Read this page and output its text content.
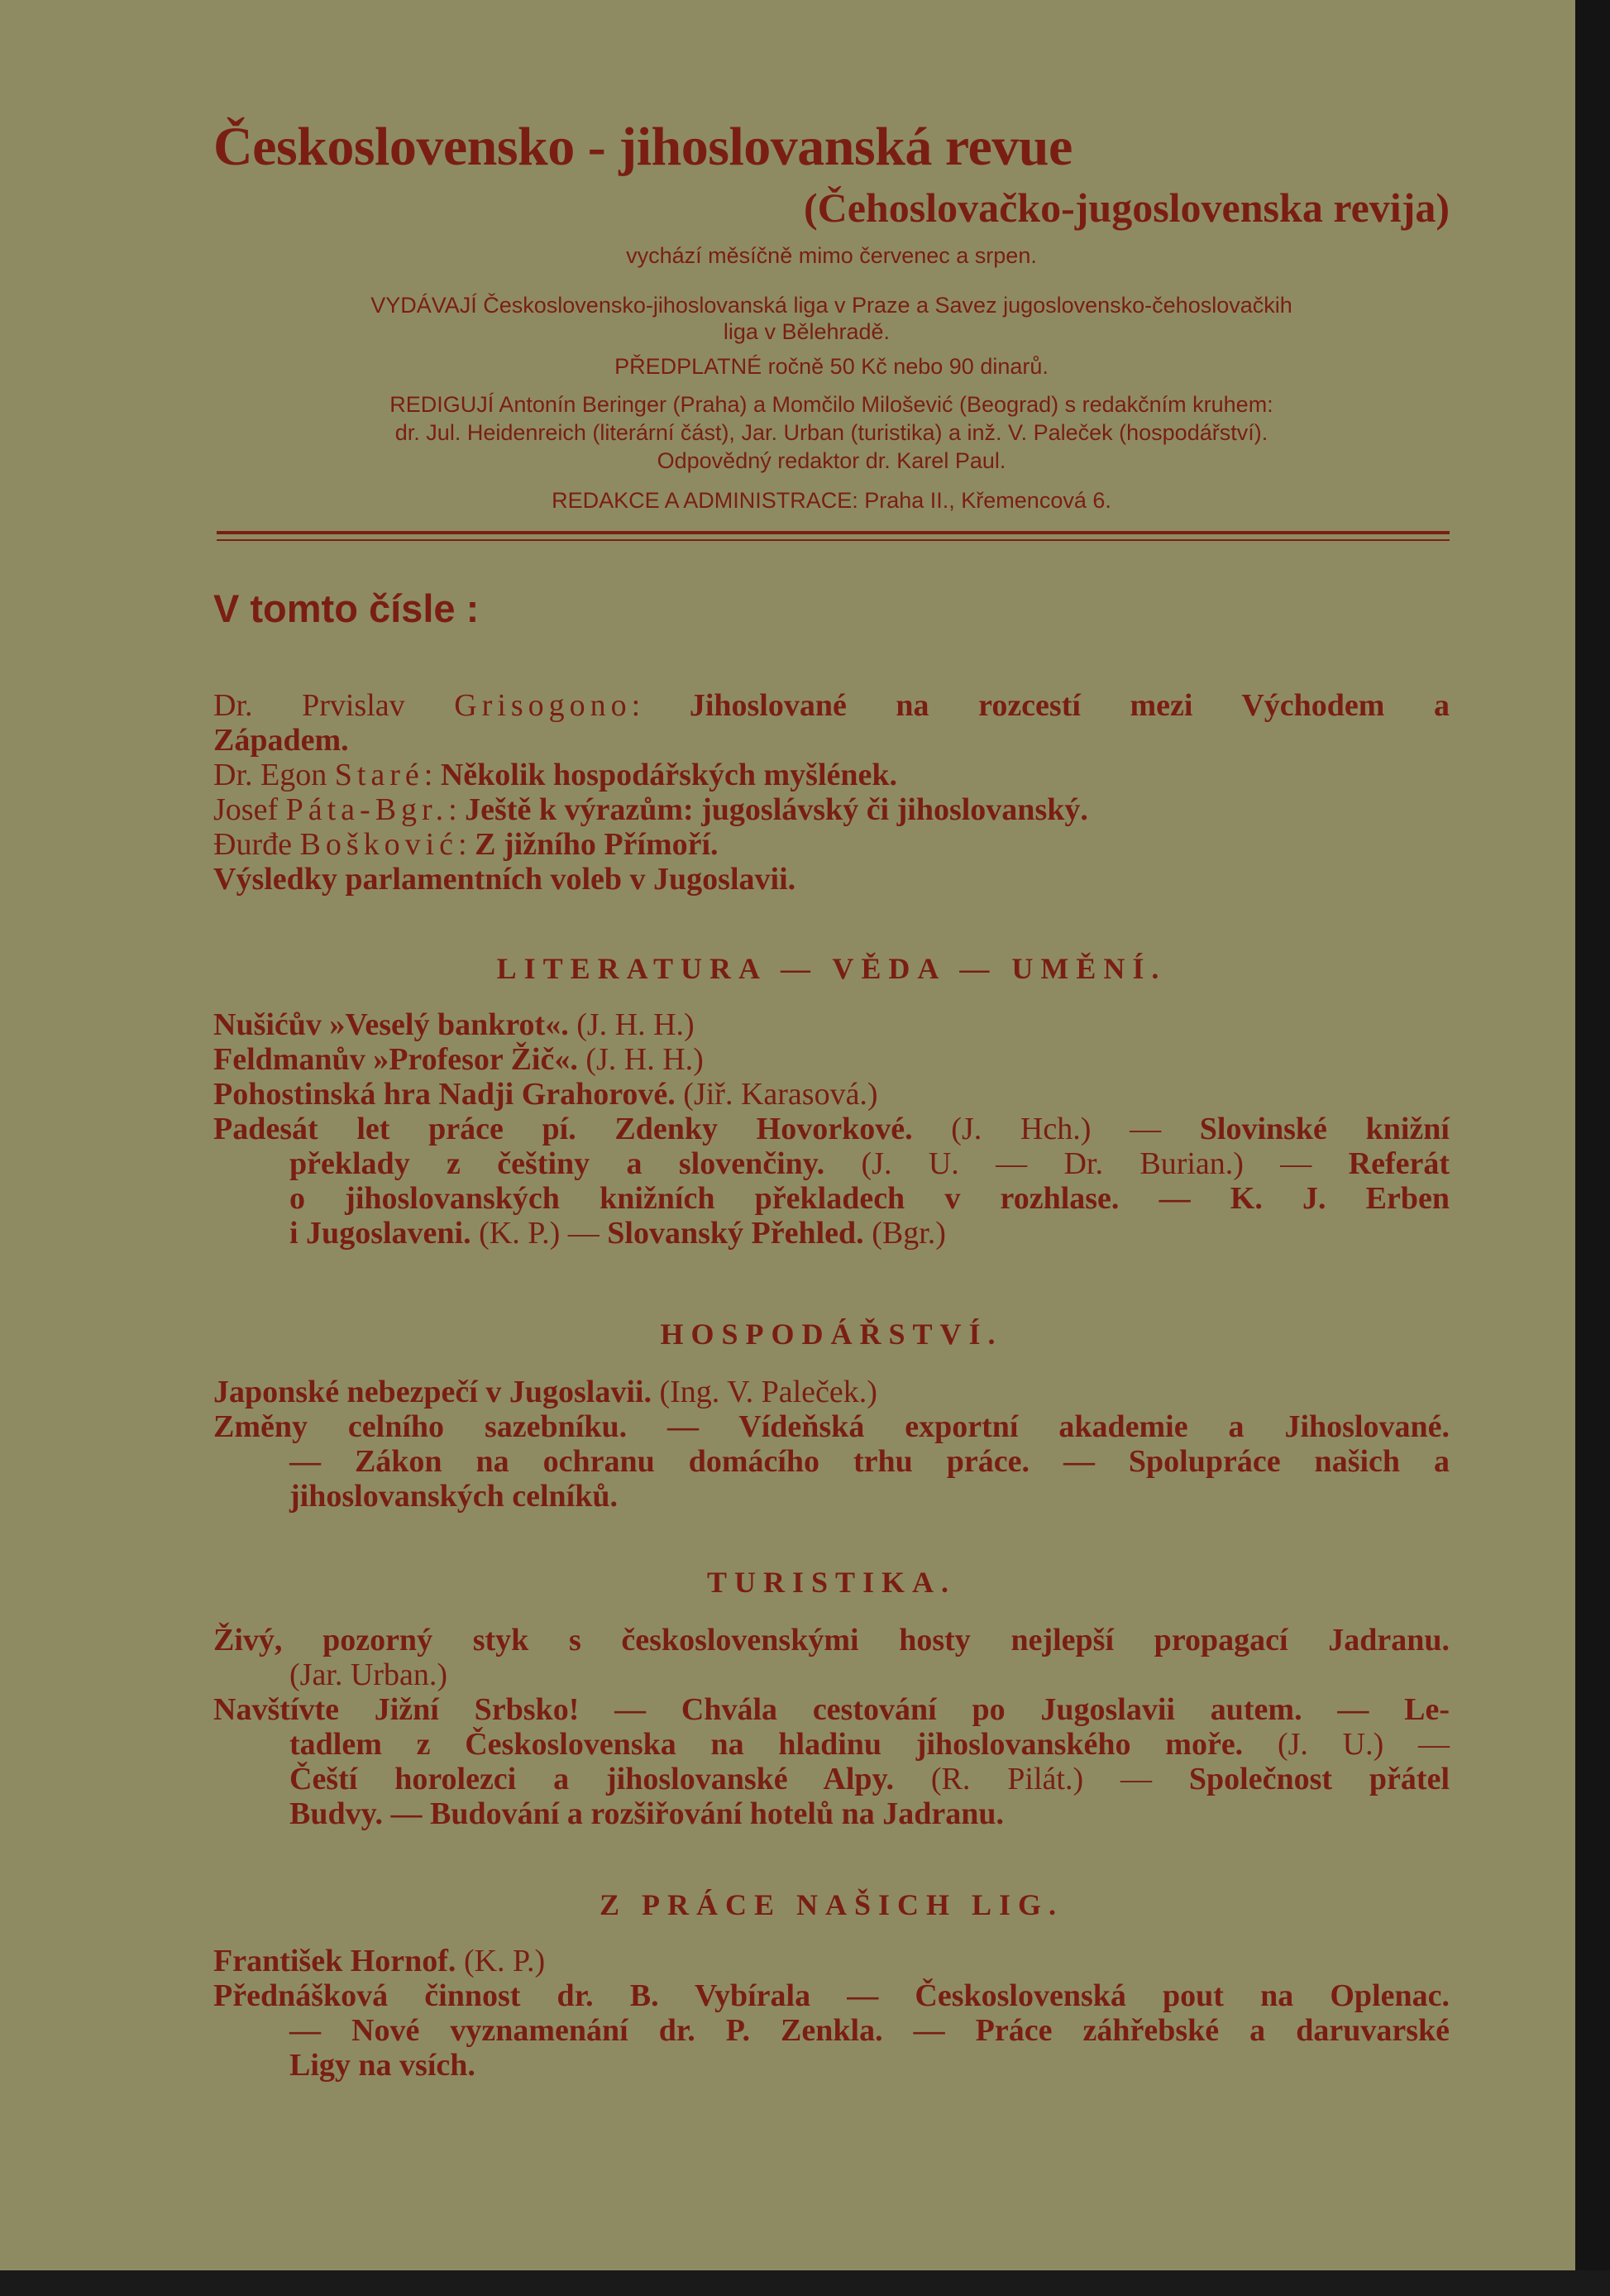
Československo - jihoslovanská revue
(Čehoslovačko-jugoslovenska revija)
vychází měsíčně mimo červenec a srpen.
VYDÁVAJÍ Československo-jihoslovanská liga v Praze a Savez jugoslovensko-čehoslovačkih
liga v Bělehradě.
PŘEDPLATNÉ ročně 50 Kč nebo 90 dinarů.
REDIGUJÍ Antonín Beringer (Praha) a Momčilo Milošević (Beograd) s redakčním kruhem:
dr. Jul. Heidenreich (literární část), Jar. Urban (turistika) a inž. V. Paleček (hospodářství).
Odpovědný redaktor dr. Karel Paul.
REDAKCE A ADMINISTRACE: Praha II., Křemencová 6.
V tomto čísle :
Dr. Prvislav Grisogono: Jihoslované na rozcestí mezi Východem a
Západem.
Dr. Egon Staré: Několik hospodářských myšlének.
Josef Páta-Bgr.: Ještě k výrazům: jugoslávský či jihoslovanský.
Đurđe Bošković: Z jižního Přímoří.
Výsledky parlamentních voleb v Jugoslavii.
LITERATURA — VĚDA — UMĚNÍ.
Nušićův »Veselý bankrot«. (J. H. H.)
Feldmanův »Profesor Žič«. (J. H. H.)
Pohostinská hra Nadji Grahorové. (Jiř. Karasová.)
Padesát let práce pí. Zdenky Hovorkové. (J. Hch.) — Slovinské knižní
překlady z češtiny a slovenčiny. (J. U. — Dr. Burian.) — Referát
o jihoslovanských knižních překladech v rozhlase. — K. J. Erben
i Jugoslaveni. (K. P.) — Slovanský Přehled. (Bgr.)
HOSPODÁŘSTVÍ.
Japonské nebezpečí v Jugoslavii. (Ing. V. Paleček.)
Změny celního sazebníku. — Vídeňská exportní akademie a Jihoslované.
— Zákon na ochranu domácího trhu práce. — Spolupráce našich a
jihoslovanských celníků.
TURISTIKA.
Živý, pozorný styk s československými hosty nejlepší propagací Jadranu.
(Jar. Urban.)
Navštívte Jižní Srbsko! — Chvála cestování po Jugoslavii autem. — Le-
tadlem z Československa na hladinu jihoslovanského moře. (J. U.) —
Čeští horolezci a jihoslovanské Alpy. (R. Pilát.) — Společnost přátel
Budvy. — Budování a rozšiřování hotelů na Jadranu.
Z PRÁCE NAŠICH LIG.
František Hornof. (K. P.)
Přednášková činnost dr. B. Vybírala — Československá pout na Oplenac.
— Nové vyznamenání dr. P. Zenkla. — Práce záhřebské a daruvarské
Ligy na vsích.
